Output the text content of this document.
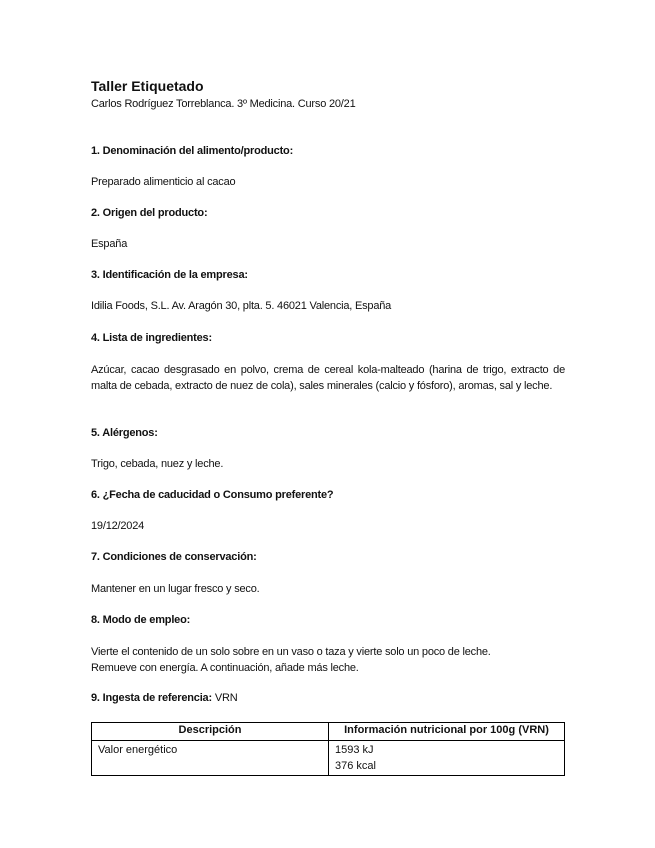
Taller Etiquetado
Carlos Rodríguez Torreblanca. 3º Medicina. Curso 20/21
1. Denominación del alimento/producto:
Preparado alimenticio al cacao
2. Origen del producto:
España
3. Identificación de la empresa:
Idilia Foods, S.L. Av. Aragón 30, plta. 5. 46021 Valencia, España
4. Lista de ingredientes:
Azúcar, cacao desgrasado en polvo, crema de cereal kola-malteado (harina de trigo, extracto de malta de cebada, extracto de nuez de cola), sales minerales (calcio y fósforo), aromas, sal y leche.
5. Alérgenos:
Trigo, cebada, nuez y leche.
6. ¿Fecha de caducidad o Consumo preferente?
19/12/2024
7. Condiciones de conservación:
Mantener en un lugar fresco y seco.
8. Modo de empleo:
Vierte el contenido de un solo sobre en un vaso o taza y vierte solo un poco de leche.
Remueve con energía. A continuación, añade más leche.
9. Ingesta de referencia: VRN
Descripción	Información nutricional por 100g (VRN)
Valor energético	1593 kJ
376 kcal
